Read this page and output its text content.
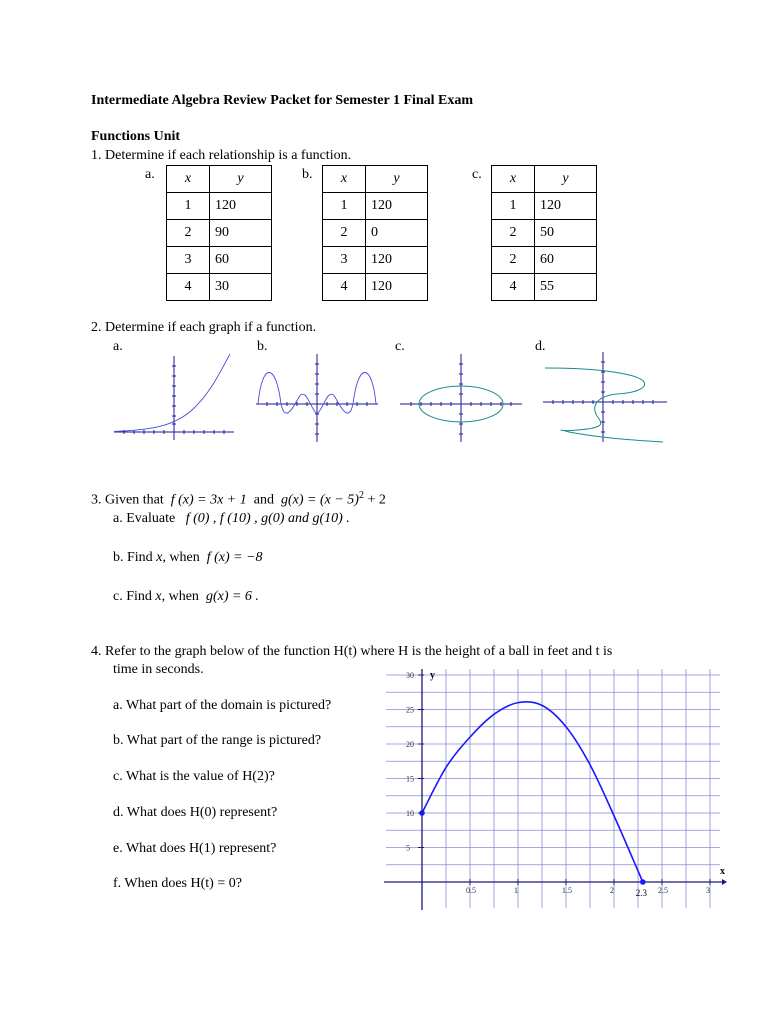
Intermediate Algebra Review Packet for Semester 1 Final Exam
Functions Unit
1. Determine if each relationship is a function.
a. x	y
1	120
2	90
3	60
4	30
b. x	y
1	120
2	0
3	120
4	120
c. x	y
1	120
2	50
2	60
4	55
2. Determine if each graph if a function.
a.	b.	c.	d.
3. Given that f (x) = 3x + 1 and $g(x) = (x - 5)^2 + 2$
a. Evaluate f (0) , f (10) , g(0) and g(10) .
b. Find x, when f (x) = −8
c. Find x, when g(x) = 6 .
4. Refer to the graph below of the function H(t) where H is the height of a ball in feet and t is
time in seconds.
a. What part of the domain is pictured?
b. What part of the range is pictured?
c. What is the value of H(2)?
d. What does H(0) represent?
e. What does H(1) represent?
f. When does H(t) = 0?	0.5	1	1.5	2	2.5	3
5
10
15
20
25
30
x
y
2.3
